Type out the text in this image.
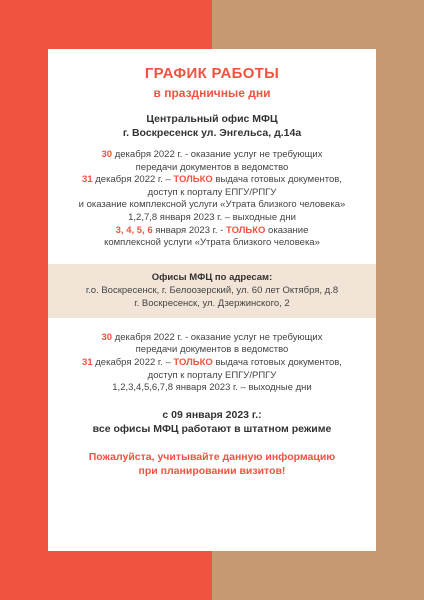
ГРАФИК РАБОТЫ
в праздничные дни
Центральный офис МФЦ
г. Воскресенск ул. Энгельса, д.14а
30 декабря 2022 г. - оказание услуг не требующих
передачи документов в ведомство
31 декабря 2022 г. – ТОЛЬКО выдача готовых документов,
доступ к порталу ЕПГУ/РПГУ
и оказание комплексной услуги «Утрата близкого человека»
1,2,7,8 января 2023 г. – выходные дни
3, 4, 5, 6 января 2023 г. - ТОЛЬКО оказание
комплексной услуги «Утрата близкого человека»
Офисы МФЦ по адресам:
г.о. Воскресенск, г. Белоозерский, ул. 60 лет Октября, д.8
г. Воскресенск, ул. Дзержинского, 2
30 декабря 2022 г. - оказание услуг не требующих
передачи документов в ведомство
31 декабря 2022 г. – ТОЛЬКО выдача готовых документов,
доступ к порталу ЕПГУ/РПГУ
1,2,3,4,5,6,7,8 января 2023 г. – выходные дни
с 09 января 2023 г.:
все офисы МФЦ работают в штатном режиме
Пожалуйста, учитывайте данную информацию
при планировании визитов!
